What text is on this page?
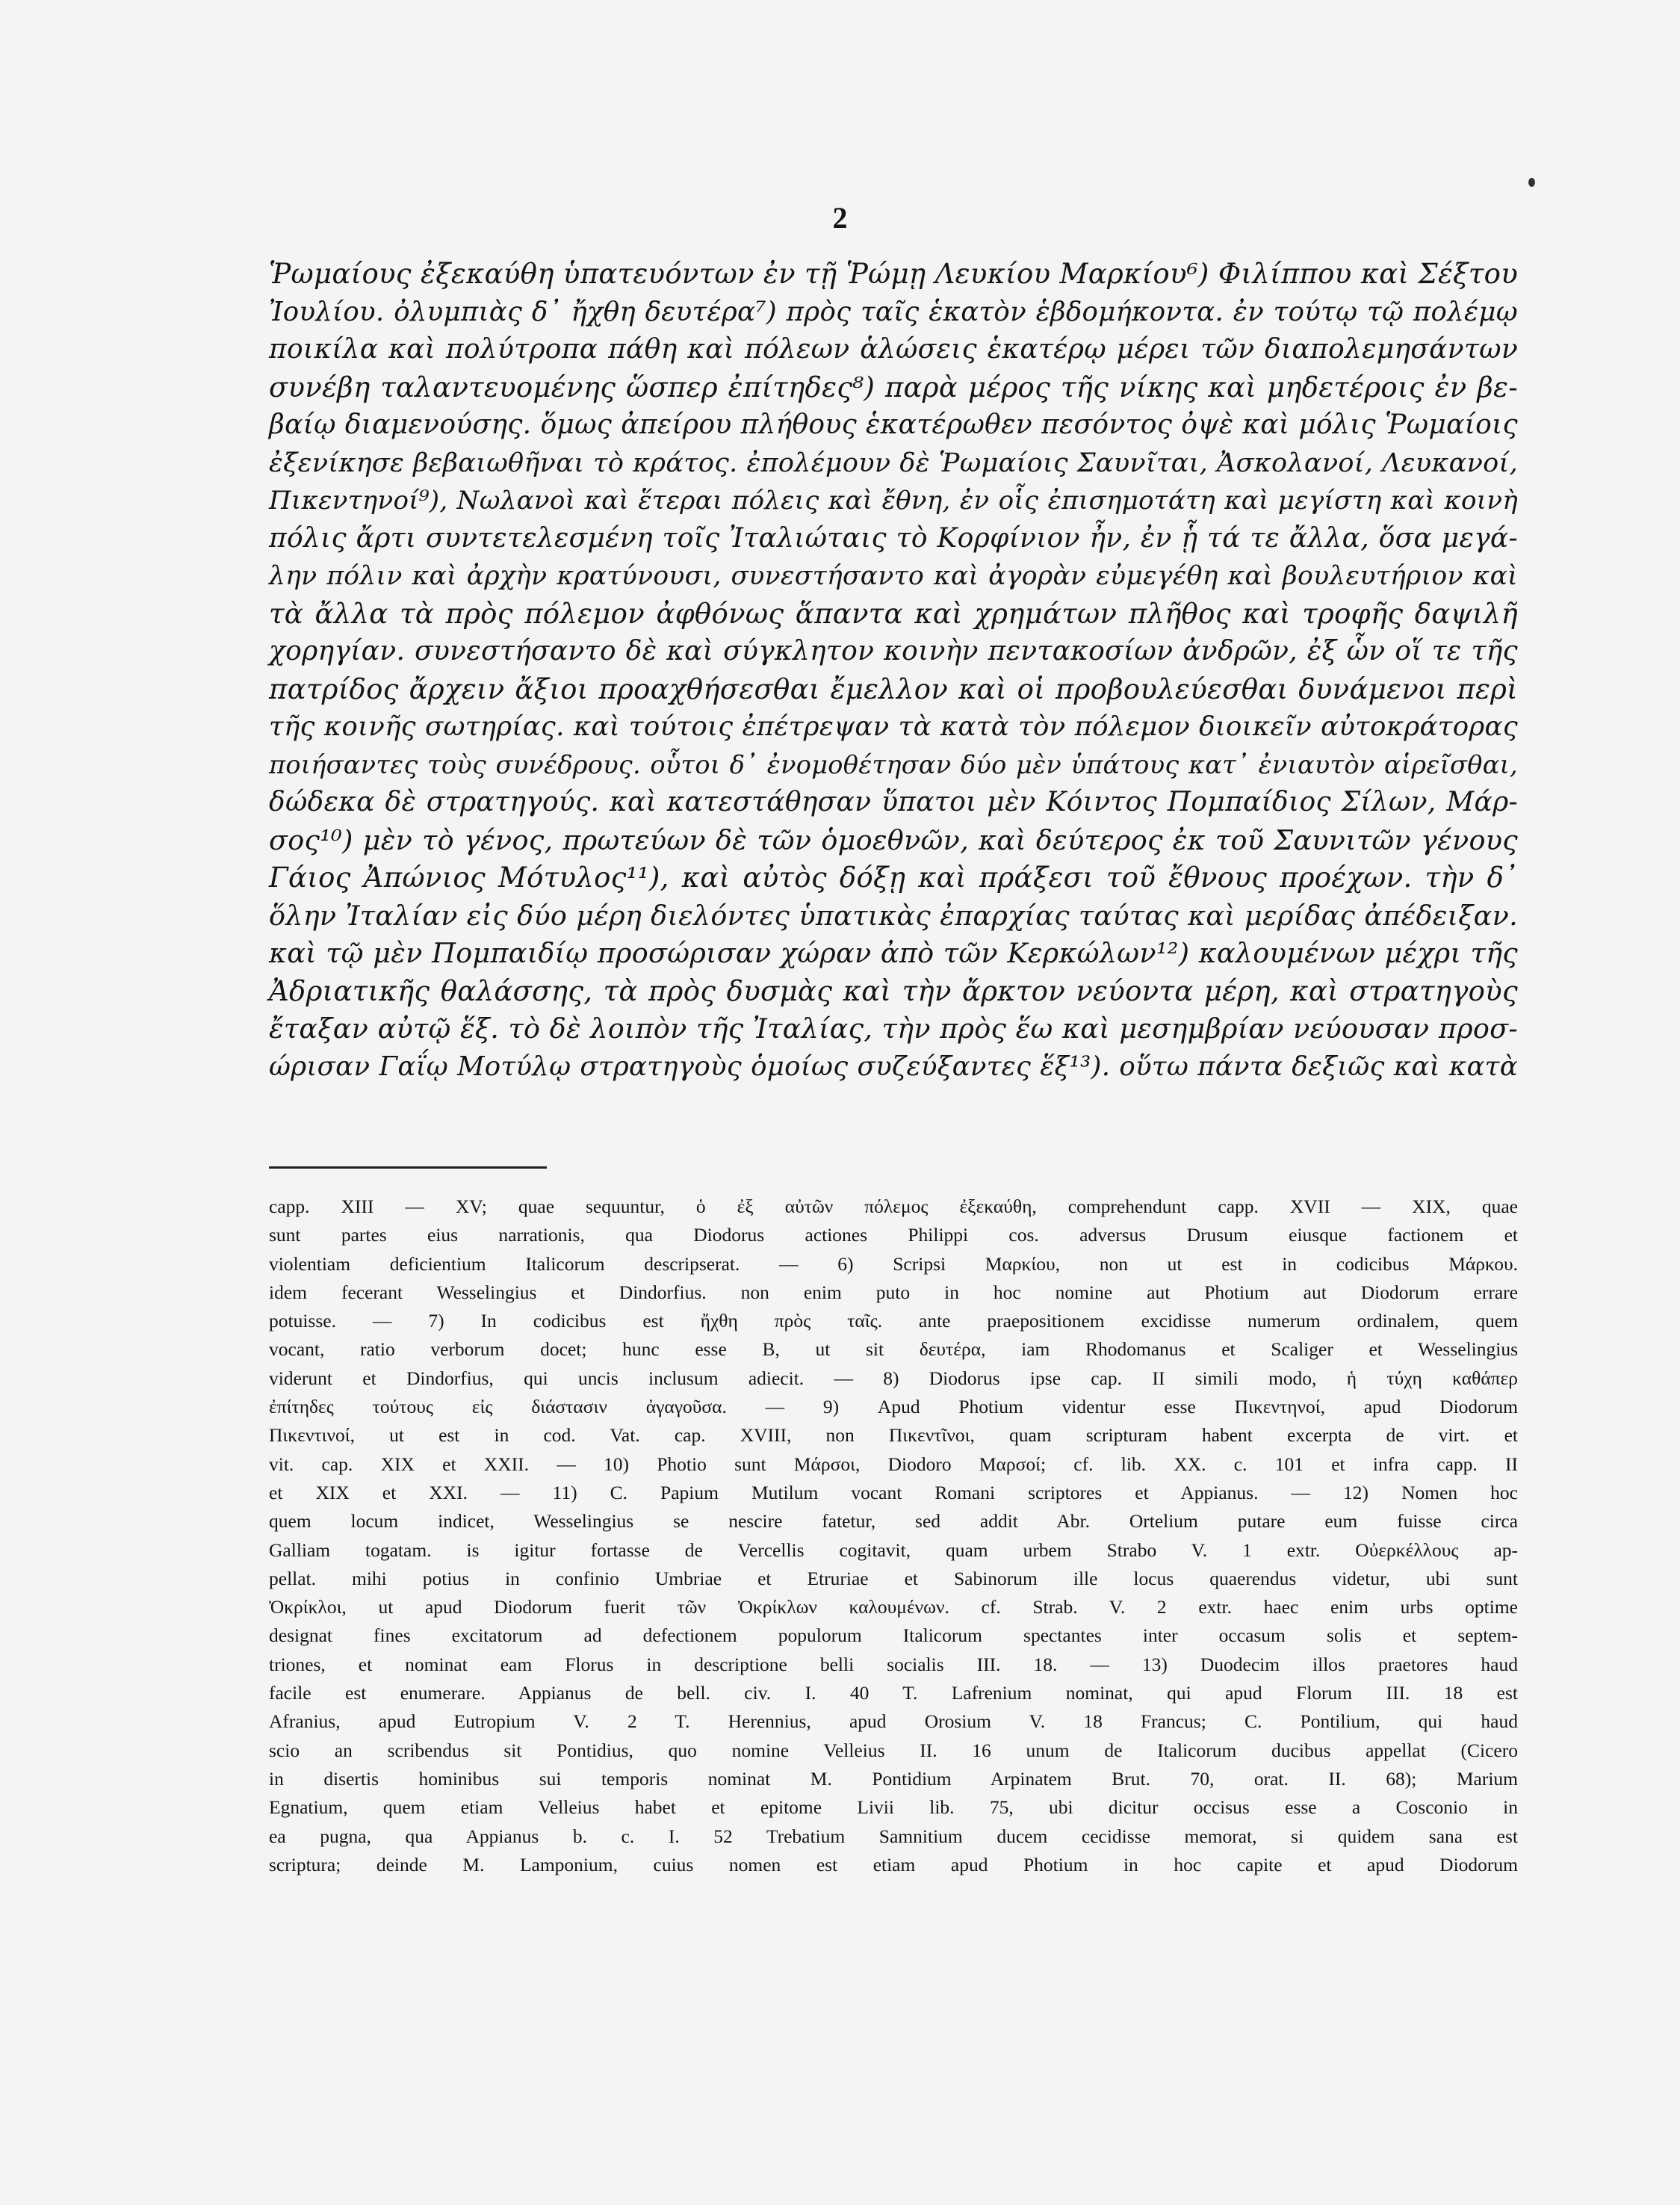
2
Ῥωμαίους ἐξεκαύθη ὑπατευόντων ἐν τῇ Ῥώμῃ Λευκίου Μαρκίου⁶) Φιλίππου καὶ Σέξτου
Ἰουλίου. ὀλυμπιὰς δ᾽ ἤχθη δευτέρα⁷) πρὸς ταῖς ἑκατὸν ἑβδομήκοντα. ἐν τούτῳ τῷ πολέμῳ
ποικίλα καὶ πολύτροπα πάθη καὶ πόλεων ἁλώσεις ἑκατέρῳ μέρει τῶν διαπολεμησάντων
συνέβη ταλαντευομένης ὥσπερ ἐπίτηδες⁸) παρὰ μέρος τῆς νίκης καὶ μηδετέροις ἐν βε-
βαίῳ διαμενούσης. ὅμως ἀπείρου πλήθους ἑκατέρωθεν πεσόντος ὀψὲ καὶ μόλις Ῥωμαίοις
ἐξενίκησε βεβαιωθῆναι τὸ κράτος. ἐπολέμουν δὲ Ῥωμαίοις Σαυνῖται, Ἀσκολανοί, Λευκανοί,
Πικεντηνοί⁹), Νωλανοὶ καὶ ἕτεραι πόλεις καὶ ἔθνη, ἐν οἷς ἐπισημοτάτη καὶ μεγίστη καὶ κοινὴ
πόλις ἄρτι συντετελεσμένη τοῖς Ἰταλιώταις τὸ Κορφίνιον ἦν, ἐν ᾗ τά τε ἄλλα, ὅσα μεγά-
λην πόλιν καὶ ἀρχὴν κρατύνουσι, συνεστήσαντο καὶ ἀγορὰν εὐμεγέθη καὶ βουλευτήριον καὶ
τὰ ἄλλα τὰ πρὸς πόλεμον ἀφθόνως ἅπαντα καὶ χρημάτων πλῆθος καὶ τροφῆς δαψιλῆ
χορηγίαν. συνεστήσαντο δὲ καὶ σύγκλητον κοινὴν πεντακοσίων ἀνδρῶν, ἐξ ὧν οἵ τε τῆς
πατρίδος ἄρχειν ἄξιοι προαχθήσεσθαι ἔμελλον καὶ οἱ προβουλεύεσθαι δυνάμενοι περὶ
τῆς κοινῆς σωτηρίας. καὶ τούτοις ἐπέτρεψαν τὰ κατὰ τὸν πόλεμον διοικεῖν αὐτοκράτορας
ποιήσαντες τοὺς συνέδρους. οὗτοι δ᾽ ἐνομοθέτησαν δύο μὲν ὑπάτους κατ᾽ ἐνιαυτὸν αἱρεῖσθαι,
δώδεκα δὲ στρατηγούς. καὶ κατεστάθησαν ὕπατοι μὲν Κόιντος Πομπαίδιος Σίλων, Μάρ-
σος¹⁰) μὲν τὸ γένος, πρωτεύων δὲ τῶν ὁμοεθνῶν, καὶ δεύτερος ἐκ τοῦ Σαυνιτῶν γένους
Γάιος Ἀπώνιος Μότυλος¹¹), καὶ αὐτὸς δόξῃ καὶ πράξεσι τοῦ ἔθνους προέχων. τὴν δ᾽
ὅλην Ἰταλίαν εἰς δύο μέρη διελόντες ὑπατικὰς ἐπαρχίας ταύτας καὶ μερίδας ἀπέδειξαν.
καὶ τῷ μὲν Πομπαιδίῳ προσώρισαν χώραν ἀπὸ τῶν Κερκώλων¹²) καλουμένων μέχρι τῆς
Ἀδριατικῆς θαλάσσης, τὰ πρὸς δυσμὰς καὶ τὴν ἄρκτον νεύοντα μέρη, καὶ στρατηγοὺς
ἔταξαν αὐτῷ ἕξ. τὸ δὲ λοιπὸν τῆς Ἰταλίας, τὴν πρὸς ἕω καὶ μεσημβρίαν νεύουσαν προσ-
ώρισαν Γαΐῳ Μοτύλῳ στρατηγοὺς ὁμοίως συζεύξαντες ἕξ¹³). οὕτω πάντα δεξιῶς καὶ κατὰ
capp. XIII — XV; quae sequuntur, ὁ ἐξ αὐτῶν πόλεμος ἐξεκαύθη, comprehendunt capp. XVII — XIX, quae
sunt partes eius narrationis, qua Diodorus actiones Philippi cos. adversus Drusum eiusque factionem et
violentiam deficientium Italicorum descripserat. — 6) Scripsi Μαρκίου, non ut est in codicibus Μάρκου.
idem fecerant Wesselingius et Dindorfius. non enim puto in hoc nomine aut Photium aut Diodorum errare
potuisse. — 7) In codicibus est ἤχθη πρὸς ταῖς. ante praepositionem excidisse numerum ordinalem, quem
vocant, ratio verborum docet; hunc esse B, ut sit δευτέρα, iam Rhodomanus et Scaliger et Wesselingius
viderunt et Dindorfius, qui uncis inclusum adiecit. — 8) Diodorus ipse cap. II simili modo, ἡ τύχη καθάπερ
ἐπίτηδες τούτους εἰς διάστασιν ἀγαγοῦσα. — 9) Apud Photium videntur esse Πικεντηνοί, apud Diodorum
Πικεντινοί, ut est in cod. Vat. cap. XVIII, non Πικεντῖνοι, quam scripturam habent excerpta de virt. et
vit. cap. XIX et XXII. — 10) Photio sunt Μάρσοι, Diodoro Μαρσοί; cf. lib. XX. c. 101 et infra capp. II
et XIX et XXI. — 11) C. Papium Mutilum vocant Romani scriptores et Appianus. — 12) Nomen hoc
quem locum indicet, Wesselingius se nescire fatetur, sed addit Abr. Ortelium putare eum fuisse circa
Galliam togatam. is igitur fortasse de Vercellis cogitavit, quam urbem Strabo V. 1 extr. Οὐερκέλλους ap-
pellat. mihi potius in confinio Umbriae et Etruriae et Sabinorum ille locus quaerendus videtur, ubi sunt
Ὀκρίκλοι, ut apud Diodorum fuerit τῶν Ὀκρίκλων καλουμένων. cf. Strab. V. 2 extr. haec enim urbs optime
designat fines excitatorum ad defectionem populorum Italicorum spectantes inter occasum solis et septem-
triones, et nominat eam Florus in descriptione belli socialis III. 18. — 13) Duodecim illos praetores haud
facile est enumerare. Appianus de bell. civ. I. 40 T. Lafrenium nominat, qui apud Florum III. 18 est
Afranius, apud Eutropium V. 2 T. Herennius, apud Orosium V. 18 Francus; C. Pontilium, qui haud
scio an scribendus sit Pontidius, quo nomine Velleius II. 16 unum de Italicorum ducibus appellat (Cicero
in disertis hominibus sui temporis nominat M. Pontidium Arpinatem Brut. 70, orat. II. 68); Marium
Egnatium, quem etiam Velleius habet et epitome Livii lib. 75, ubi dicitur occisus esse a Cosconio in
ea pugna, qua Appianus b. c. I. 52 Trebatium Samnitium ducem cecidisse memorat, si quidem sana est
scriptura; deinde M. Lamponium, cuius nomen est etiam apud Photium in hoc capite et apud Diodorum
